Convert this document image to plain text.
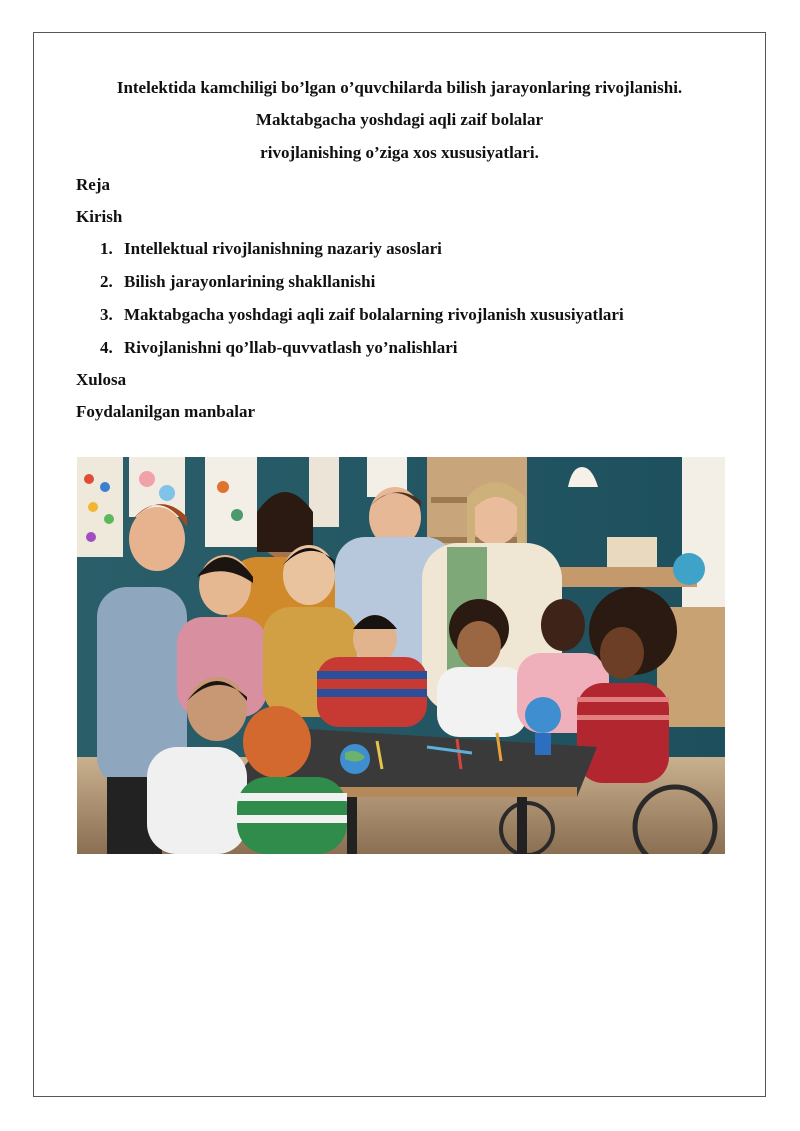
Intelektida kamchiligi bo’lgan o’quvchilarda bilish jarayonlaring rivojlanishi.
Maktabgacha yoshdagi aqli zaif bolalar
rivojlanishing o’ziga xos xususiyatlari.
Reja
Kirish
1. Intellektual rivojlanishning nazariy asoslari
2. Bilish jarayonlarining shakllanishi
3. Maktabgacha yoshdagi aqli zaif bolalarning rivojlanish xususiyatlari
4. Rivojlanishni qo’llab-quvvatlash yo’nalishlari
Xulosa
Foydalanilgan manbalar
